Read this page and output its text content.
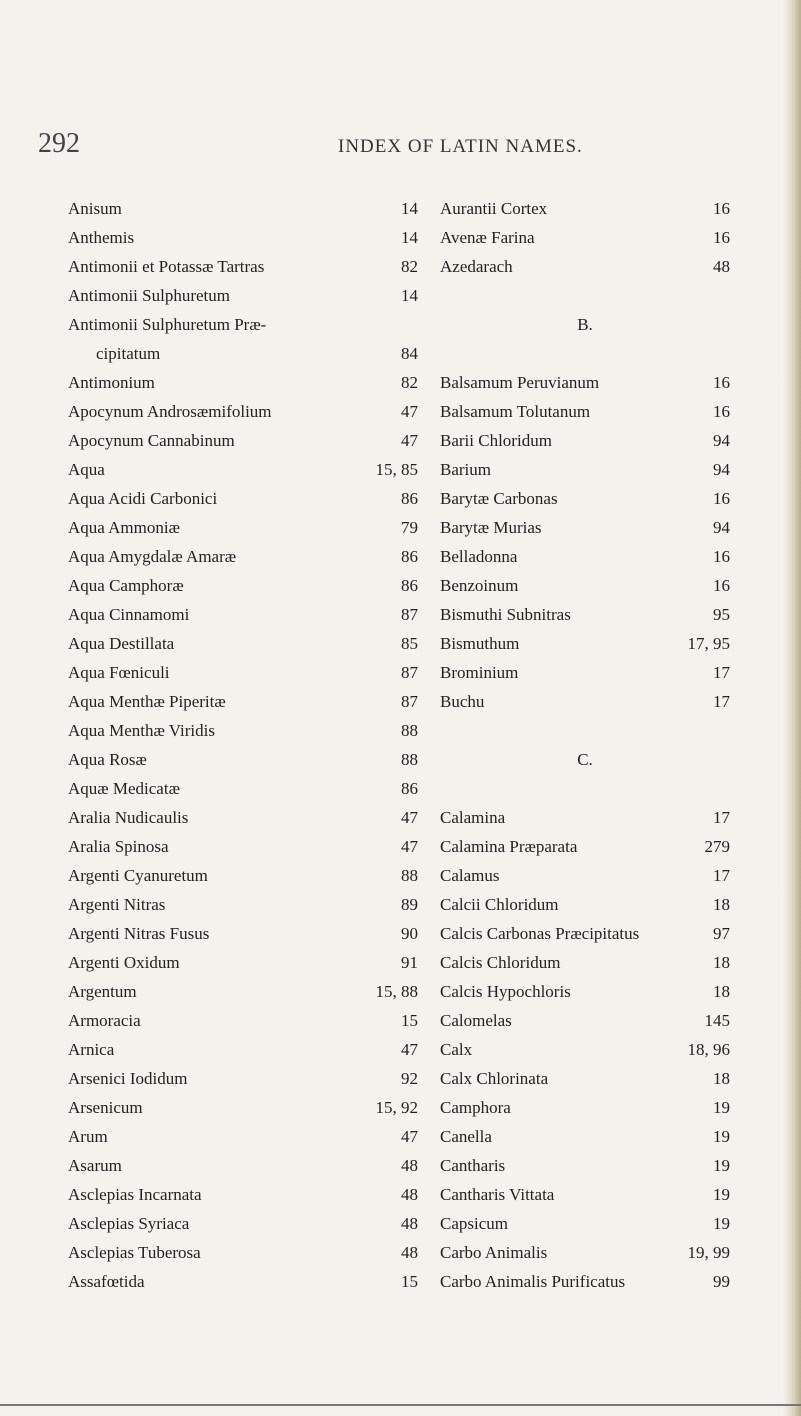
292	INDEX OF LATIN NAMES.
Anisum	14
Anthemis	14
Antimonii et Potassæ Tartras	82
Antimonii Sulphuretum	14
Antimonii Sulphuretum Præ-
cipitatum	84
Antimonium	82
Apocynum Androsæmifolium	47
Apocynum Cannabinum	47
Aqua	15, 85
Aqua Acidi Carbonici	86
Aqua Ammoniæ	79
Aqua Amygdalæ Amaræ	86
Aqua Camphoræ	86
Aqua Cinnamomi	87
Aqua Destillata	85
Aqua Fœniculi	87
Aqua Menthæ Piperitæ	87
Aqua Menthæ Viridis	88
Aqua Rosæ	88
Aquæ Medicatæ	86
Aralia Nudicaulis	47
Aralia Spinosa	47
Argenti Cyanuretum	88
Argenti Nitras	89
Argenti Nitras Fusus	90
Argenti Oxidum	91
Argentum	15, 88
Armoracia	15
Arnica	47
Arsenici Iodidum	92
Arsenicum	15, 92
Arum	47
Asarum	48
Asclepias Incarnata	48
Asclepias Syriaca	48
Asclepias Tuberosa	48
Assafœtida	15
Aurantii Cortex	16
Avenæ Farina	16
Azedarach	48
B.
Balsamum Peruvianum	16
Balsamum Tolutanum	16
Barii Chloridum	94
Barium	94
Barytæ Carbonas	16
Barytæ Murias	94
Belladonna	16
Benzoinum	16
Bismuthi Subnitras	95
Bismuthum	17, 95
Brominium	17
Buchu	17
C.
Calamina	17
Calamina Præparata	279
Calamus	17
Calcii Chloridum	18
Calcis Carbonas Præcipitatus	97
Calcis Chloridum	18
Calcis Hypochloris	18
Calomelas	145
Calx	18, 96
Calx Chlorinata	18
Camphora	19
Canella	19
Cantharis	19
Cantharis Vittata	19
Capsicum	19
Carbo Animalis	19, 99
Carbo Animalis Purificatus	99
